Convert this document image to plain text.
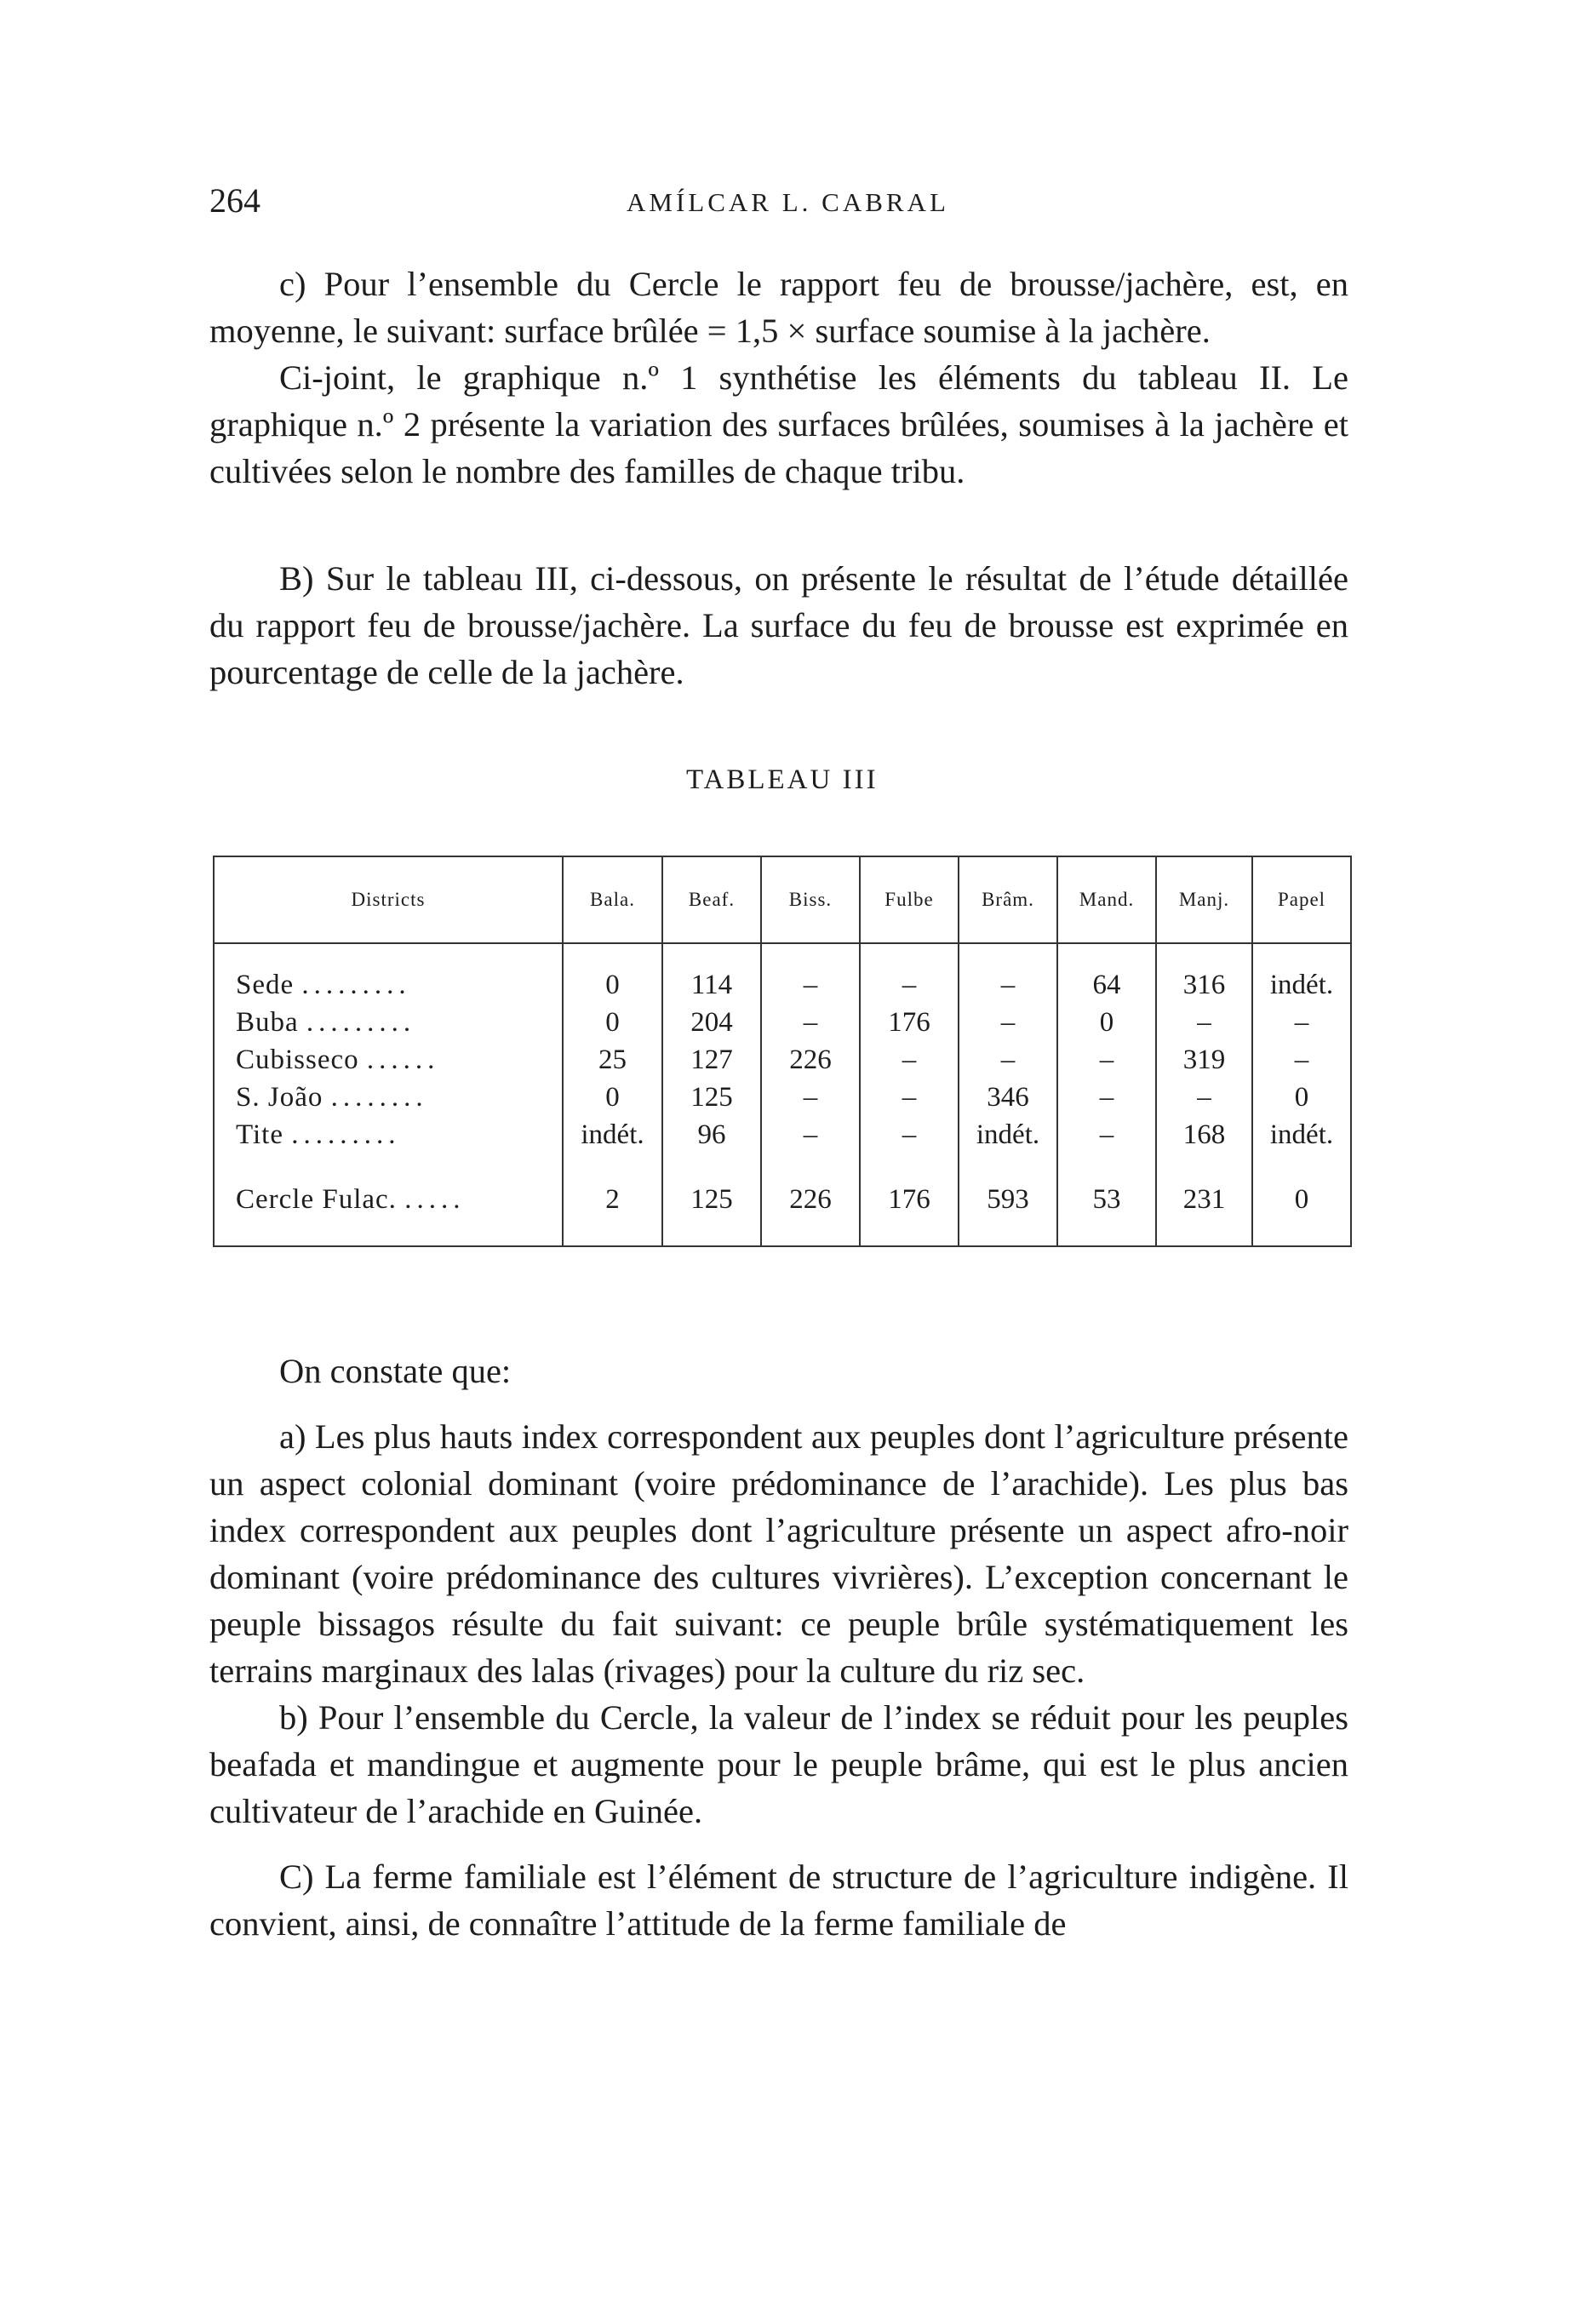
264	AMÍLCAR L. CABRAL

c) Pour l’ensemble du Cercle le rapport feu de brousse/jachère, est, en moyenne, le suivant: surface brûlée = 1,5 × surface soumise à la jachère.

Ci-joint, le graphique n.º 1 synthétise les éléments du tableau II. Le graphique n.º 2 présente la variation des surfaces brûlées, soumises à la jachère et cultivées selon le nombre des familles de chaque tribu.

B) Sur le tableau III, ci-dessous, on présente le résultat de l’étude détaillée du rapport feu de brousse/jachère. La surface du feu de brousse est exprimée en pourcentage de celle de la jachère.

TABLEAU III
Districts	Bala.	Beaf.	Biss.	Fulbe	Brâm.	Mand.	Manj.	Papel

Sede .........	0	114	–	–	–	64	316	indét.
Buba .........	0	204	–	176	–	0	–	–
Cubisseco ......	25	127	226	–	–	–	319	–
S. João ........	0	125	–	–	346	–	–	0
Tite .........	indét.	96	–	–	indét.	–	168	indét.

Cercle Fulac. .....	2	125	226	176	593	53	231	0

On constate que:

a) Les plus hauts index correspondent aux peuples dont l’agriculture présente un aspect colonial dominant (voire prédominance de l’arachide). Les plus bas index correspondent aux peuples dont l’agriculture présente un aspect afro-noir dominant (voire prédominance des cultures vivrières). L’exception concernant le peuple bissagos résulte du fait suivant: ce peuple brûle systématiquement les terrains marginaux des lalas (rivages) pour la culture du riz sec.

b) Pour l’ensemble du Cercle, la valeur de l’index se réduit pour les peuples beafada et mandingue et augmente pour le peuple brâme, qui est le plus ancien cultivateur de l’arachide en Guinée.

C) La ferme familiale est l’élément de structure de l’agriculture indigène. Il convient, ainsi, de connaître l’attitude de la ferme familiale de
